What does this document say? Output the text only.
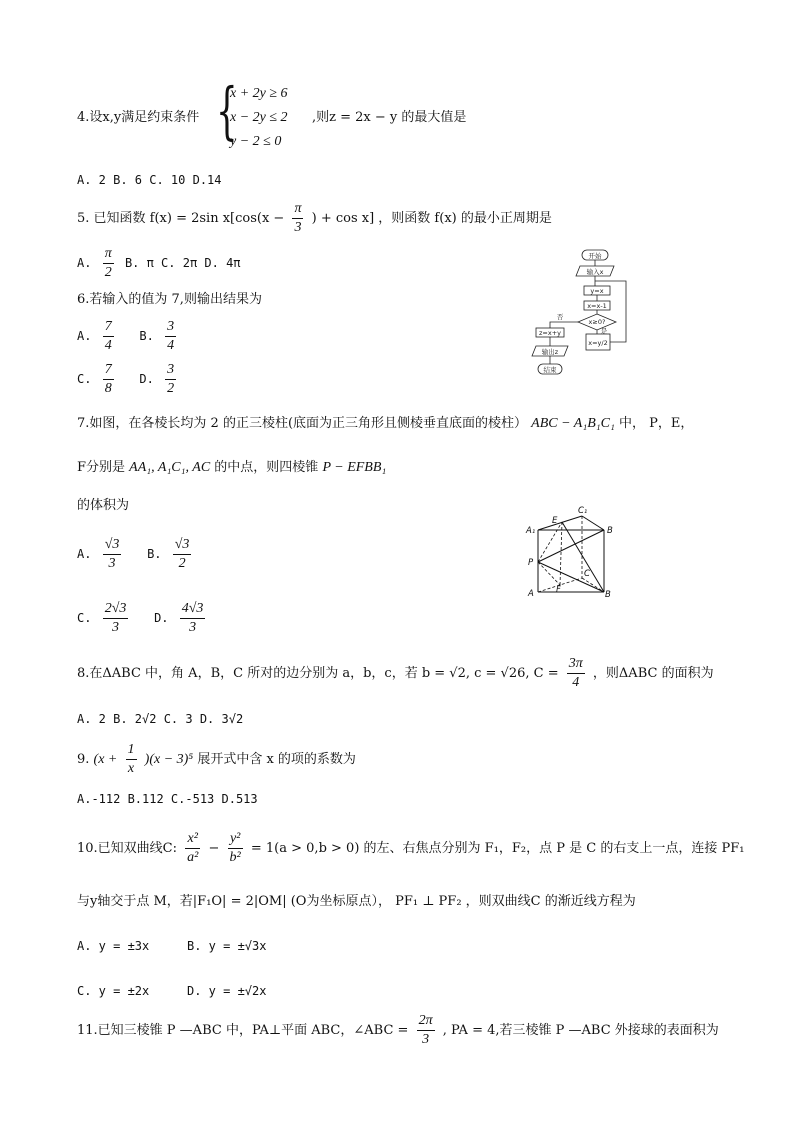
4.设x,y满足约束条件 {
x + 2y ≥ 6
x − 2y ≤ 2
y − 2 ≤ 0
,则z = 2x − y 的最大值是
A. 2 B. 6 C. 10 D.14
5. 已知函数 f(x) = 2sin $x[\cos(x - \frac{\pi}{3}$ ) + cos x] ，则函数 f(x) 的最小正周期是
A. $\frac{\pi}{2} B$. π C. 2π D. 4π
6.若输入的值为 7,则输出结果为
A. $\frac{7}{4} B$. $\frac{3}{4}$
C. $\frac{7}{8} D$. $\frac{3}{2}$
开始
输入x
y=x
x=x-1
x≥0?
x=y/2
z=x+y
输出z
结束
否
是
7.如图，在各棱长均为 2 的正三棱柱(底面为正三角形且侧棱垂直底面的棱柱） ABC − A₁B₁C₁ 中， P，E，
F分别是 AA₁, A₁C₁, AC 的中点，则四棱锥 P − EFBB₁
的体积为
A. $\frac{√3}{3} B$. $\frac{√3}{2}$
C. $\frac{2√3}{3} D$. $\frac{4√3}{3}$
C₁
E
A₁	B
P
C
A	F	B
8.在ΔABC 中，角 A，B，C 所对的边分别为 a，b，c，若 b = √2, c = √26, $C = \frac{3\pi}{4}$ ，则ΔABC 的面积为
A. 2 B. 2√2 C. 3 D. 3√2
9. $(x + \frac{1}{x} )(x - 3)^5$ 展开式中含 x 的项的系数为
A.-112 B.112 C.-513 D.513
10.已知双曲线C: $\frac{\text{x²}}{\text{a²}} - \frac{\text{y²}}{\text{b²}} = 1(a > 0,b > 0)$ 的左、右焦点分别为 F₁，F₂，点 P 是 C 的右支上一点，连接 PF₁
与y轴交于点 M，若|F₁O| = 2|OM| (O为坐标原点）， PF₁ ⊥ PF₂ ，则双曲线C 的渐近线方程为
A. y = ±3x	B. y = ±√3x
C. y = ±2x	D. y = ±√2x
11.已知三棱锥 P —ABC 中，PA⊥平面 ABC，∠ABC = $\frac{2\pi}{3}$ , PA = 4,若三棱锥 P —ABC 外接球的表面积为
